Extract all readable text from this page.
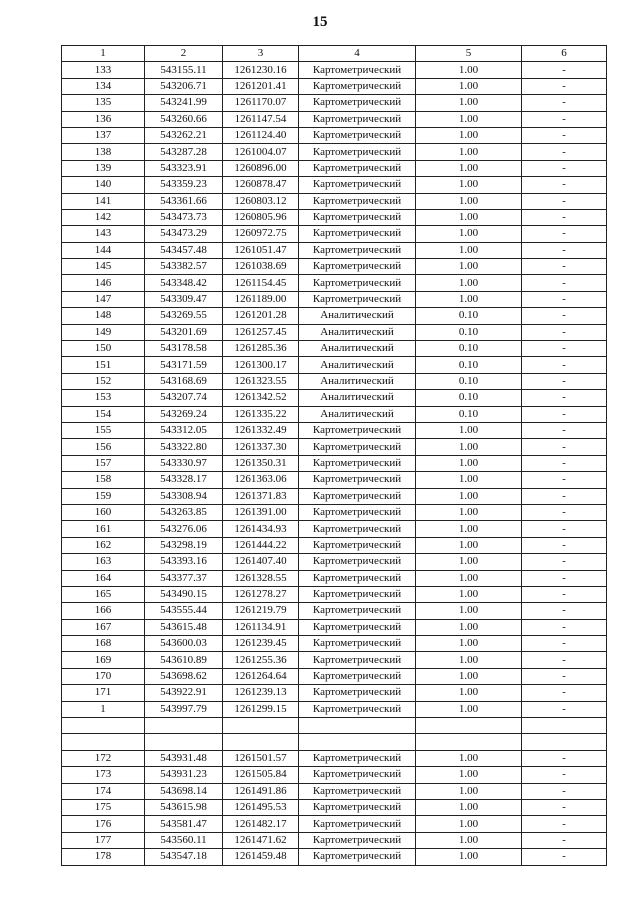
15
1	2	3	4	5	6
133	543155.11	1261230.16	Картометрический	1.00	-
134	543206.71	1261201.41	Картометрический	1.00	-
135	543241.99	1261170.07	Картометрический	1.00	-
136	543260.66	1261147.54	Картометрический	1.00	-
137	543262.21	1261124.40	Картометрический	1.00	-
138	543287.28	1261004.07	Картометрический	1.00	-
139	543323.91	1260896.00	Картометрический	1.00	-
140	543359.23	1260878.47	Картометрический	1.00	-
141	543361.66	1260803.12	Картометрический	1.00	-
142	543473.73	1260805.96	Картометрический	1.00	-
143	543473.29	1260972.75	Картометрический	1.00	-
144	543457.48	1261051.47	Картометрический	1.00	-
145	543382.57	1261038.69	Картометрический	1.00	-
146	543348.42	1261154.45	Картометрический	1.00	-
147	543309.47	1261189.00	Картометрический	1.00	-
148	543269.55	1261201.28	Аналитический	0.10	-
149	543201.69	1261257.45	Аналитический	0.10	-
150	543178.58	1261285.36	Аналитический	0.10	-
151	543171.59	1261300.17	Аналитический	0.10	-
152	543168.69	1261323.55	Аналитический	0.10	-
153	543207.74	1261342.52	Аналитический	0.10	-
154	543269.24	1261335.22	Аналитический	0.10	-
155	543312.05	1261332.49	Картометрический	1.00	-
156	543322.80	1261337.30	Картометрический	1.00	-
157	543330.97	1261350.31	Картометрический	1.00	-
158	543328.17	1261363.06	Картометрический	1.00	-
159	543308.94	1261371.83	Картометрический	1.00	-
160	543263.85	1261391.00	Картометрический	1.00	-
161	543276.06	1261434.93	Картометрический	1.00	-
162	543298.19	1261444.22	Картометрический	1.00	-
163	543393.16	1261407.40	Картометрический	1.00	-
164	543377.37	1261328.55	Картометрический	1.00	-
165	543490.15	1261278.27	Картометрический	1.00	-
166	543555.44	1261219.79	Картометрический	1.00	-
167	543615.48	1261134.91	Картометрический	1.00	-
168	543600.03	1261239.45	Картометрический	1.00	-
169	543610.89	1261255.36	Картометрический	1.00	-
170	543698.62	1261264.64	Картометрический	1.00	-
171	543922.91	1261239.13	Картометрический	1.00	-
1	543997.79	1261299.15	Картометрический	1.00	-

172	543931.48	1261501.57	Картометрический	1.00	-
173	543931.23	1261505.84	Картометрический	1.00	-
174	543698.14	1261491.86	Картометрический	1.00	-
175	543615.98	1261495.53	Картометрический	1.00	-
176	543581.47	1261482.17	Картометрический	1.00	-
177	543560.11	1261471.62	Картометрический	1.00	-
178	543547.18	1261459.48	Картометрический	1.00	-
